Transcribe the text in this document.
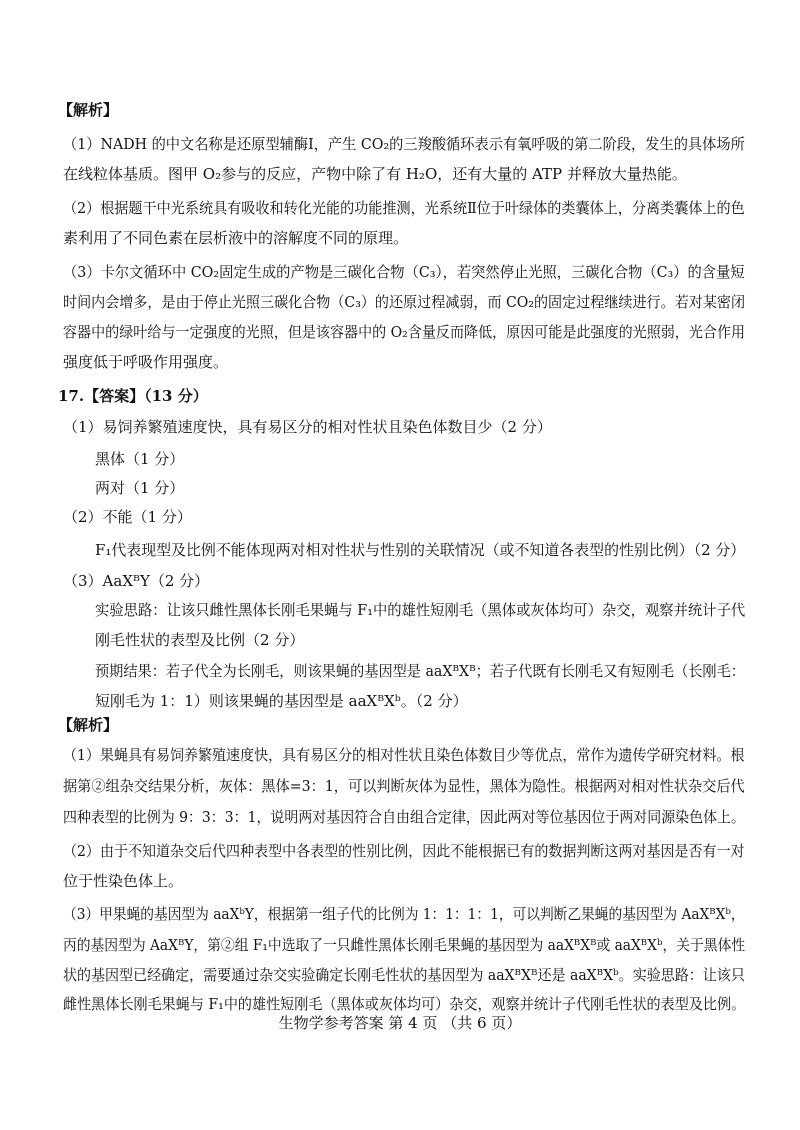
【解析】
（1）NADH 的中文名称是还原型辅酶Ⅰ，产生 CO₂的三羧酸循环表示有氧呼吸的第二阶段，发生的具体场所
在线粒体基质。图甲 O₂参与的反应，产物中除了有 H₂O，还有大量的 ATP 并释放大量热能。
（2）根据题干中光系统具有吸收和转化光能的功能推测，光系统Ⅱ位于叶绿体的类囊体上，分离类囊体上的色
素利用了不同色素在层析液中的溶解度不同的原理。
（3）卡尔文循环中 CO₂固定生成的产物是三碳化合物（C₃），若突然停止光照，三碳化合物（C₃）的含量短
时间内会增多，是由于停止光照三碳化合物（C₃）的还原过程减弱，而 CO₂的固定过程继续进行。若对某密闭
容器中的绿叶给与一定强度的光照，但是该容器中的 O₂含量反而降低，原因可能是此强度的光照弱，光合作用
强度低于呼吸作用强度。
17.【答案】（13 分）
（1）易饲养繁殖速度快，具有易区分的相对性状且染色体数目少（2 分）
黑体（1 分）
两对（1 分）
（2）不能（1 分）
F₁代表现型及比例不能体现两对相对性状与性别的关联情况（或不知道各表型的性别比例）（2 分）
（3）AaXᴮY（2 分）
实验思路：让该只雌性黑体长刚毛果蝇与 F₁中的雄性短刚毛（黑体或灰体均可）杂交，观察并统计子代
刚毛性状的表型及比例（2 分）
预期结果：若子代全为长刚毛，则该果蝇的基因型是 aaXᴮXᴮ；若子代既有长刚毛又有短刚毛（长刚毛：
短刚毛为 1：1）则该果蝇的基因型是 aaXᴮXᵇ。（2 分）
【解析】
（1）果蝇具有易饲养繁殖速度快，具有易区分的相对性状且染色体数目少等优点，常作为遗传学研究材料。根
据第②组杂交结果分析，灰体：黑体=3：1，可以判断灰体为显性，黑体为隐性。根据两对相对性状杂交后代
四种表型的比例为 9：3：3：1，说明两对基因符合自由组合定律，因此两对等位基因位于两对同源染色体上。
（2）由于不知道杂交后代四种表型中各表型的性别比例，因此不能根据已有的数据判断这两对基因是否有一对
位于性染色体上。
（3）甲果蝇的基因型为 aaXᵇY，根据第一组子代的比例为 1：1：1：1，可以判断乙果蝇的基因型为 AaXᴮXᵇ，
丙的基因型为 AaXᴮY，第②组 F₁中选取了一只雌性黑体长刚毛果蝇的基因型为 aaXᴮXᴮ或 aaXᴮXᵇ，关于黑体性
状的基因型已经确定，需要通过杂交实验确定长刚毛性状的基因型为 aaXᴮXᴮ还是 aaXᴮXᵇ。实验思路：让该只
雌性黑体长刚毛果蝇与 F₁中的雄性短刚毛（黑体或灰体均可）杂交，观察并统计子代刚毛性状的表型及比例。
生物学参考答案 第 4 页 （共 6 页）
